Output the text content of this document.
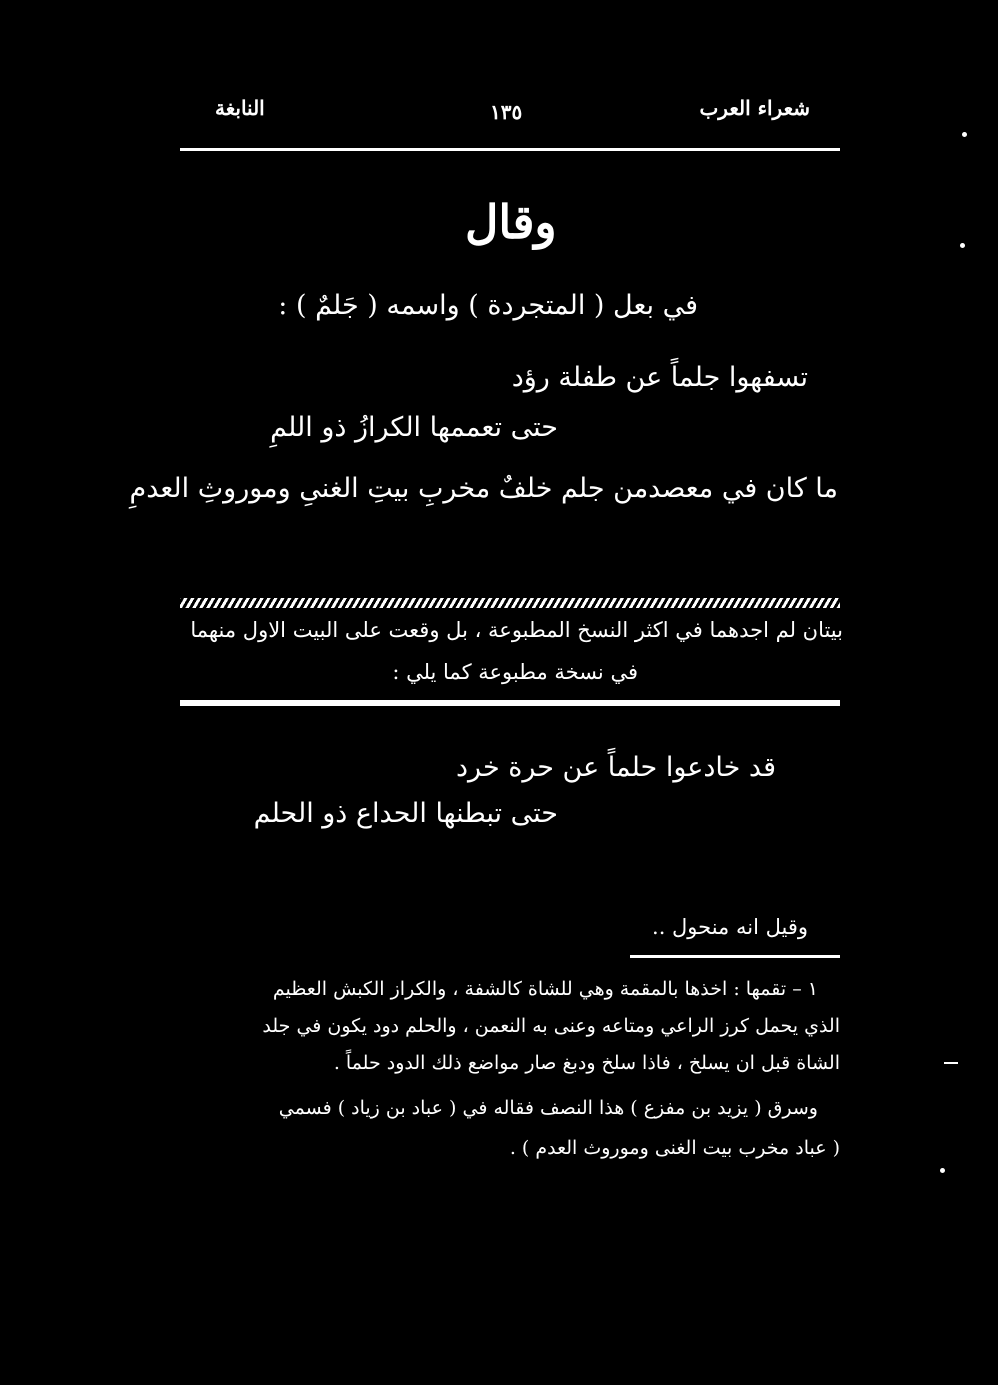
النابغة	١٣٥	شعراء العرب
وقال
في بعل ( المتجردة ) واسمه ( جَلمٌ ) :
تسفهوا جلماً عن طفلة رؤد
حتى تعممها الكرازُ ذو اللمِ
ما كان في معصدمن جلم خلفٌ مخربِ بيتِ الغنىِ وموروثِ العدمِ
بيتان لم اجدهما في اكثر النسخ المطبوعة ، بل وقعت على البيت الاول منهما
في نسخة مطبوعة كما يلي :
قد خادعوا حلماً عن حرة خرد
حتى تبطنها الحداع ذو الحلم
وقيل انه منحول ..
١ – تقمها : اخذها بالمقمة وهي للشاة كالشفة ، والكراز الكبش العظيم
الذي يحمل كرز الراعي ومتاعه وعنى به النعمن ، والحلم دود يكون في جلد
الشاة قبل ان يسلخ ، فاذا سلخ ودبغ صار مواضع ذلك الدود حلماً .
وسرق ( يزيد بن مفزع ) هذا النصف فقاله في ( عباد بن زياد ) فسمي
( عباد مخرب بيت الغنى وموروث العدم ) .
